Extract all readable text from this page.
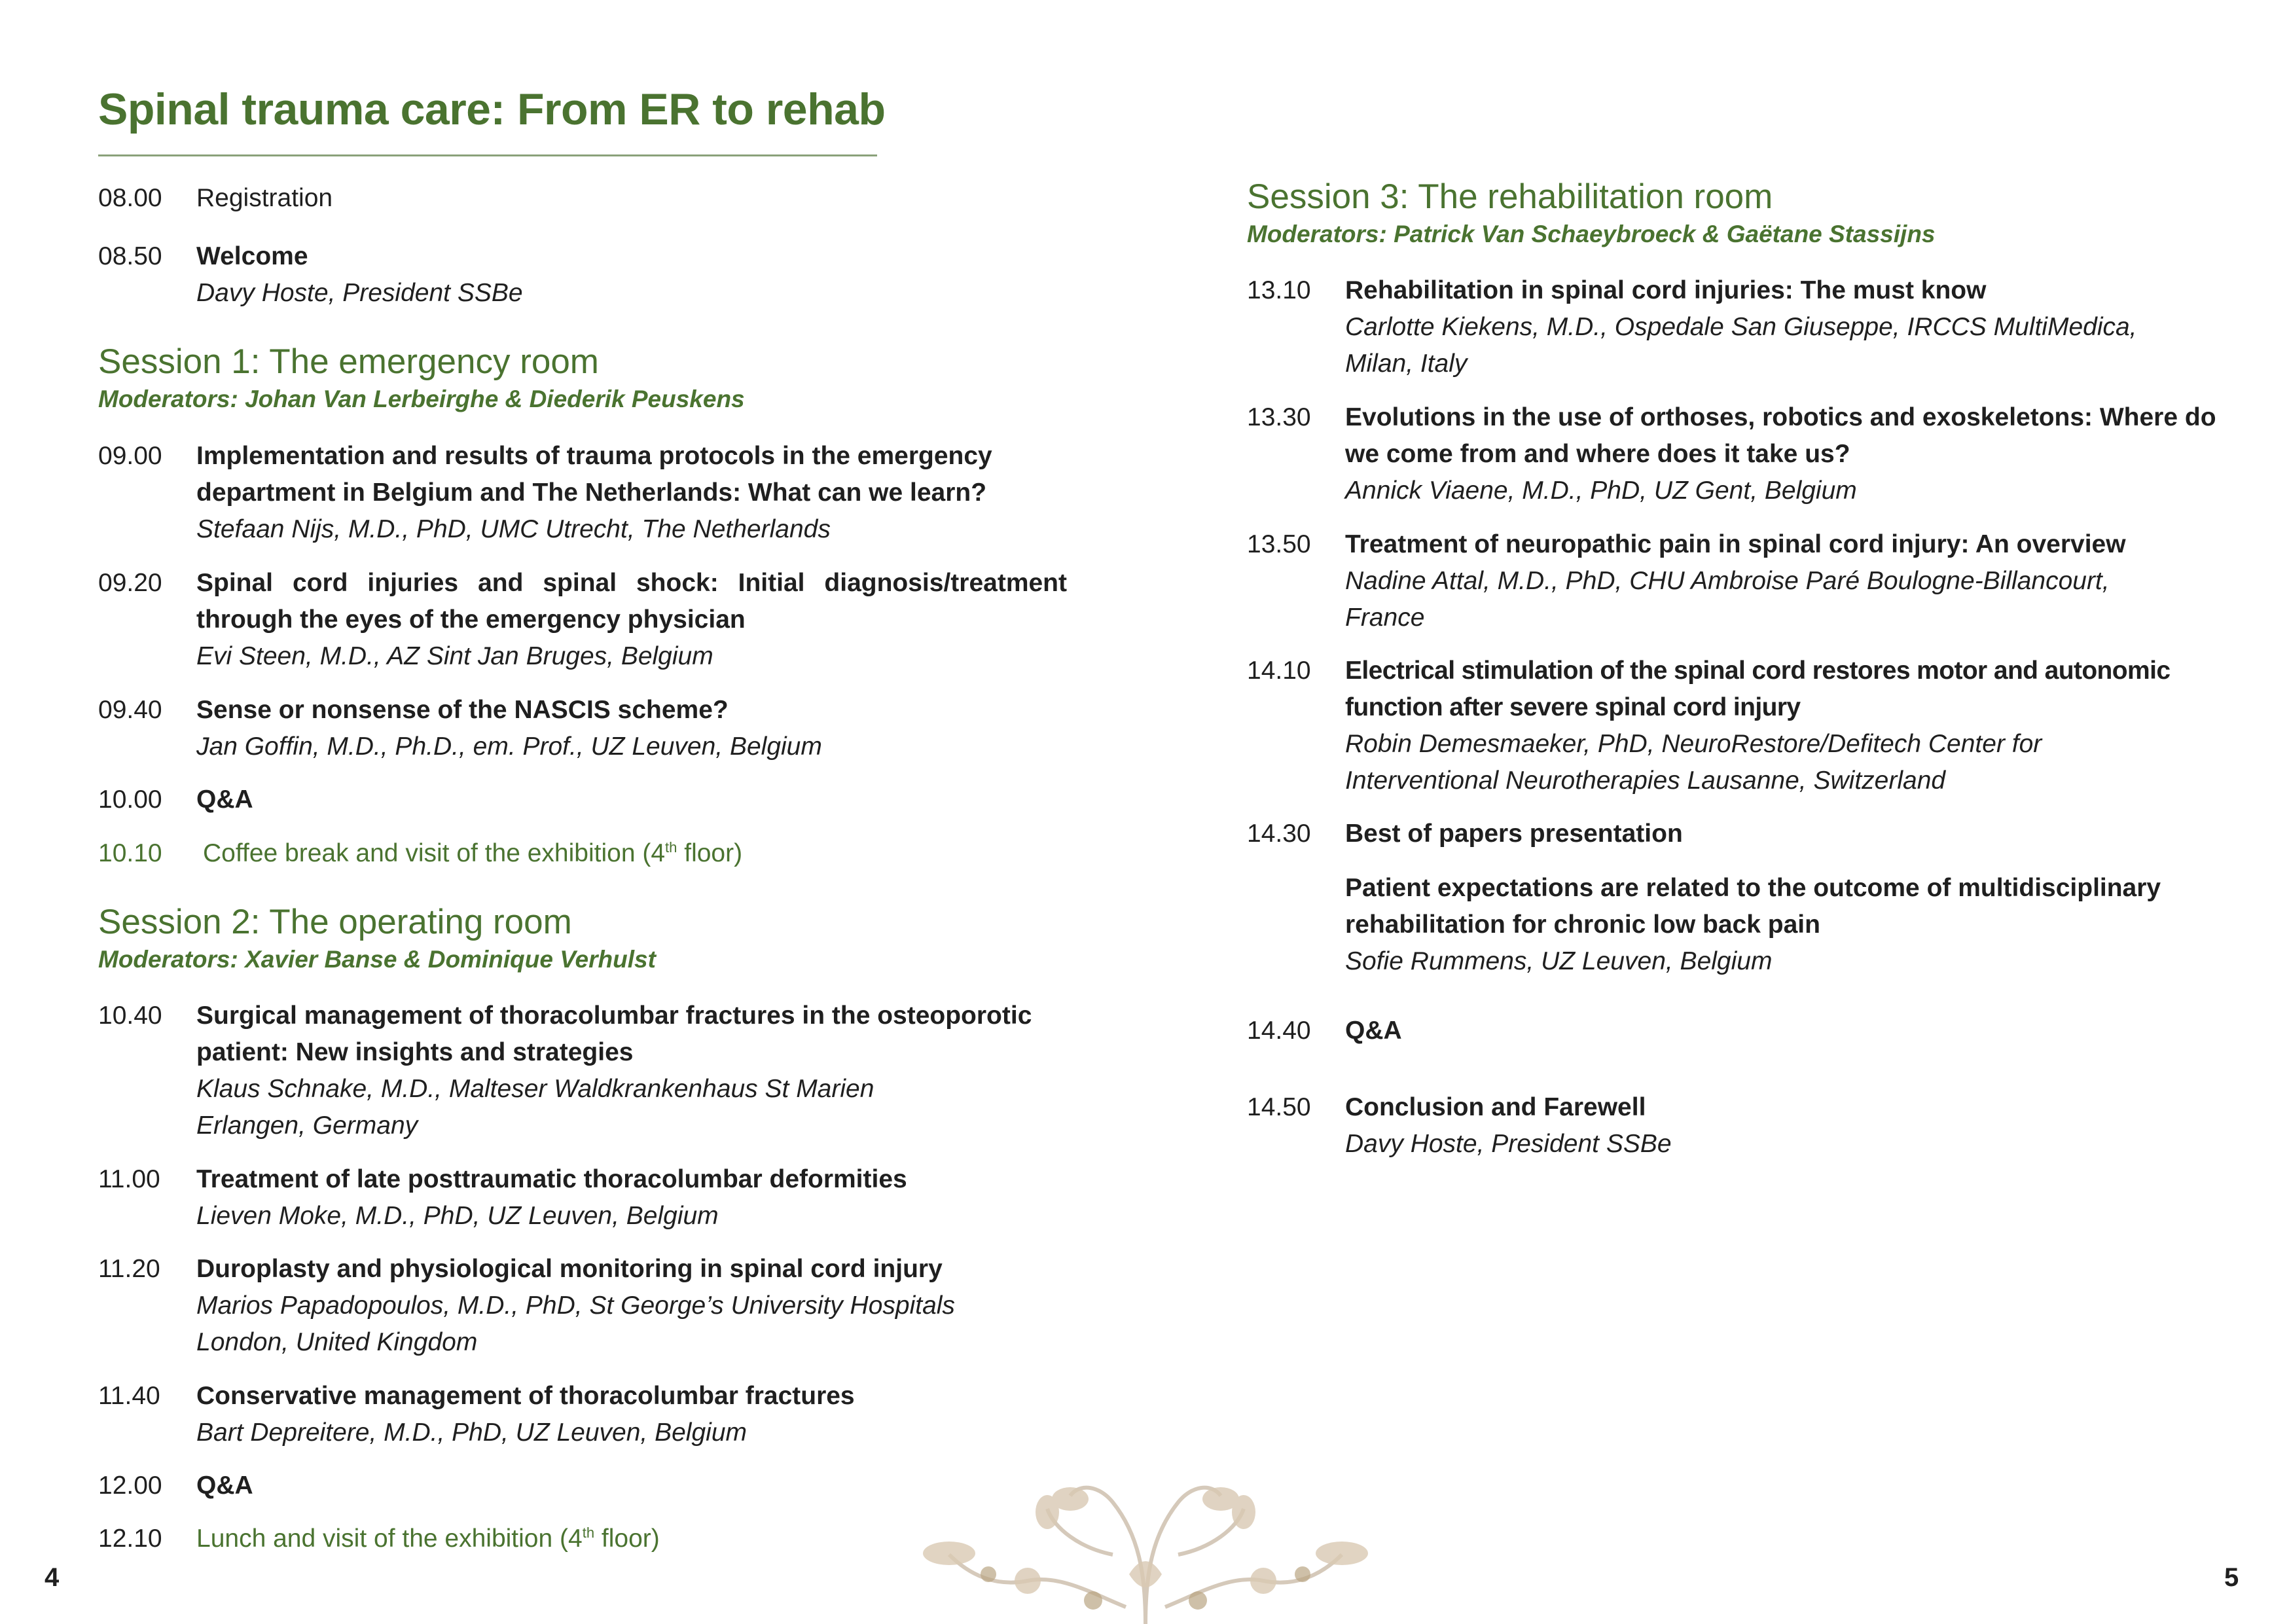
Spinal trauma care: From ER to rehab
08.00	Registration
08.50	Welcome
Davy Hoste, President SSBe
Session 1: The emergency room
Moderators: Johan Van Lerbeirghe & Diederik Peuskens
09.00	Implementation and results of trauma protocols in the emergency department in Belgium and The Netherlands: What can we learn?
Stefaan Nijs, M.D., PhD, UMC Utrecht, The Netherlands
09.20	Spinal cord injuries and spinal shock: Initial diagnosis/treatment through the eyes of the emergency physician
Evi Steen, M.D., AZ Sint Jan Bruges, Belgium
09.40	Sense or nonsense of the NASCIS scheme?
Jan Goffin, M.D., Ph.D., em. Prof., UZ Leuven, Belgium
10.00	Q&A
10.10	Coffee break and visit of the exhibition (4th floor)
Session 2: The operating room
Moderators: Xavier Banse & Dominique Verhulst
10.40	Surgical management of thoracolumbar fractures in the osteoporotic patient: New insights and strategies
Klaus Schnake, M.D., Malteser Waldkrankenhaus St Marien
Erlangen, Germany
11.00	Treatment of late posttraumatic thoracolumbar deformities
Lieven Moke, M.D., PhD, UZ Leuven, Belgium
11.20	Duroplasty and physiological monitoring in spinal cord injury
Marios Papadopoulos, M.D., PhD, St George’s University Hospitals
London, United Kingdom
11.40	Conservative management of thoracolumbar fractures
Bart Depreitere, M.D., PhD, UZ Leuven, Belgium
12.00	Q&A
12.10	Lunch and visit of the exhibition (4th floor)
Session 3: The rehabilitation room
Moderators: Patrick Van Schaeybroeck & Gaëtane Stassijns
13.10	Rehabilitation in spinal cord injuries: The must know
Carlotte Kiekens, M.D., Ospedale San Giuseppe, IRCCS MultiMedica,
Milan, Italy
13.30	Evolutions in the use of orthoses, robotics and exoskeletons: Where do we come from and where does it take us?
Annick Viaene, M.D., PhD, UZ Gent, Belgium
13.50	Treatment of neuropathic pain in spinal cord injury: An overview
Nadine Attal, M.D., PhD, CHU Ambroise Paré Boulogne-Billancourt,
France
14.10	Electrical stimulation of the spinal cord restores motor and autonomic function after severe spinal cord injury
Robin Demesmaeker, PhD, NeuroRestore/Defitech Center for
Interventional Neurotherapies Lausanne, Switzerland
14.30	Best of papers presentation
Patient expectations are related to the outcome of multidisciplinary rehabilitation for chronic low back pain
Sofie Rummens, UZ Leuven, Belgium
14.40	Q&A
14.50	Conclusion and Farewell
Davy Hoste, President SSBe
4	5
